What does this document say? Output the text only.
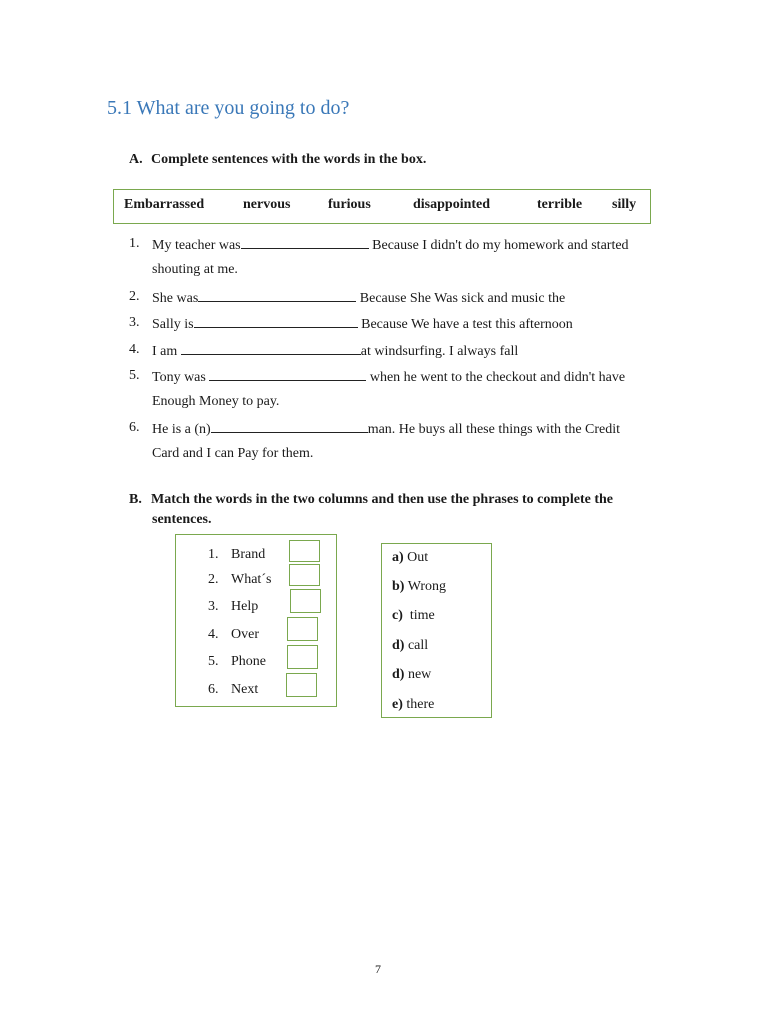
5.1 What are you going to do?
A. Complete sentences with the words in the box.
Embarrassed	nervous	furious	disappointed	terrible silly
1. My teacher was	Because I didn't do my homework and started
shouting at me.
2. She was	Because She Was sick and music the
3. Sally is	Because We have a test this afternoon
4. I am	at windsurfing. I always fall
5. Tony was	when he went to the checkout and didn't have
Enough Money to pay.
6. He is a (n)	man. He buys all these things with the Credit
Card and I can Pay for them.
B. Match the words in the two columns and then use the phrases to complete the
sentences.
1. Brand
2. What´s
3. Help
4. Over
5. Phone
6. Next
a) Out
b) Wrong
c)  time
d) call
d) new
e) there
7
